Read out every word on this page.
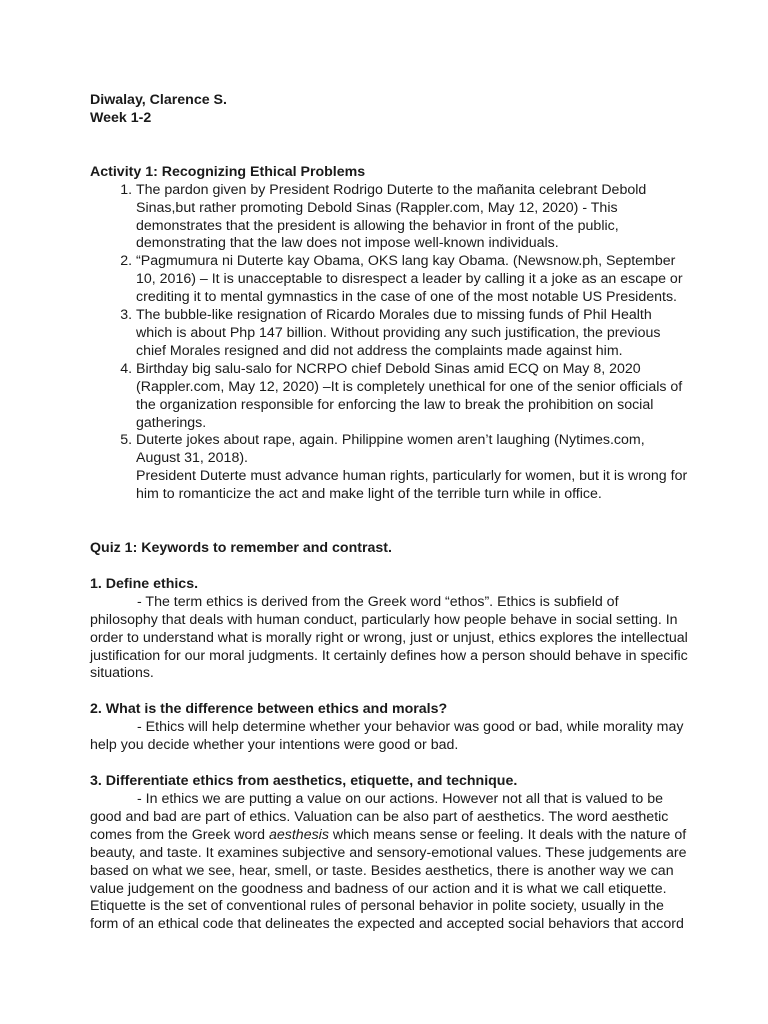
Diwalay, Clarence S.
Week 1-2
Activity 1: Recognizing Ethical Problems
1. The pardon given by President Rodrigo Duterte to the mañanita celebrant Debold Sinas,but rather promoting Debold Sinas (Rappler.com, May 12, 2020) - This demonstrates that the president is allowing the behavior in front of the public, demonstrating that the law does not impose well-known individuals.
2. “Pagmumura ni Duterte kay Obama, OKS lang kay Obama. (Newsnow.ph, September 10, 2016) – It is unacceptable to disrespect a leader by calling it a joke as an escape or crediting it to mental gymnastics in the case of one of the most notable US Presidents.
3. The bubble-like resignation of Ricardo Morales due to missing funds of Phil Health which is about Php 147 billion. Without providing any such justification, the previous chief Morales resigned and did not address the complaints made against him.
4. Birthday big salu-salo for NCRPO chief Debold Sinas amid ECQ on May 8, 2020 (Rappler.com, May 12, 2020) –It is completely unethical for one of the senior officials of the organization responsible for enforcing the law to break the prohibition on social gatherings.
5. Duterte jokes about rape, again. Philippine women aren’t laughing (Nytimes.com, August 31, 2018).
President Duterte must advance human rights, particularly for women, but it is wrong for him to romanticize the act and make light of the terrible turn while in office.
Quiz 1: Keywords to remember and contrast.
1. Define ethics.
- The term ethics is derived from the Greek word “ethos”. Ethics is subfield of philosophy that deals with human conduct, particularly how people behave in social setting. In order to understand what is morally right or wrong, just or unjust, ethics explores the intellectual justification for our moral judgments. It certainly defines how a person should behave in specific situations.
2. What is the difference between ethics and morals?
- Ethics will help determine whether your behavior was good or bad, while morality may help you decide whether your intentions were good or bad.
3. Differentiate ethics from aesthetics, etiquette, and technique.
- In ethics we are putting a value on our actions. However not all that is valued to be good and bad are part of ethics. Valuation can be also part of aesthetics. The word aesthetic comes from the Greek word aesthesis which means sense or feeling. It deals with the nature of beauty, and taste. It examines subjective and sensory-emotional values. These judgements are based on what we see, hear, smell, or taste. Besides aesthetics, there is another way we can value judgement on the goodness and badness of our action and it is what we call etiquette. Etiquette is the set of conventional rules of personal behavior in polite society, usually in the form of an ethical code that delineates the expected and accepted social behaviors that accord
